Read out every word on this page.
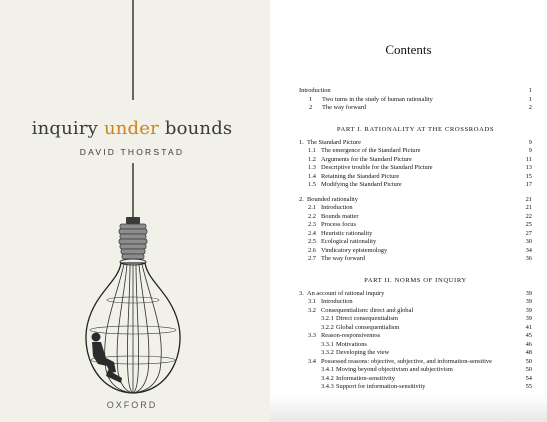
inquiry under bounds
DAVID THORSTAD
OXFORD
Contents
Introduction	1
1	Two turns in the study of human rationality	1
2	The way forward	2
PART I. RATIONALITY AT THE CROSSROADS
1. The Standard Picture	9
1.1 The emergence of the Standard Picture	9
1.2 Arguments for the Standard Picture	11
1.3 Descriptive trouble for the Standard Picture	13
1.4 Retaining the Standard Picture	15
1.5 Modifying the Standard Picture	17
2. Bounded rationality	21
2.1 Introduction	21
2.2 Bounds matter	22
2.3 Process focus	25
2.4 Heuristic rationality	27
2.5 Ecological rationality	30
2.6 Vindicatory epistemology	34
2.7 The way forward	36
PART II. NORMS OF INQUIRY
3. An account of rational inquiry	39
3.1 Introduction	39
3.2 Consequentialism: direct and global	39
3.2.1 Direct consequentialism	39
3.2.2 Global consequentialism	41
3.3 Reason-responsiveness	45
3.3.1 Motivations	46
3.3.2 Developing the view	48
3.4 Possessed reasons: objective, subjective, and information-sensitive	50
3.4.1 Moving beyond objectivism and subjectivism	50
3.4.2 Information-sensitivity	54
3.4.3 Support for information-sensitivity	55
